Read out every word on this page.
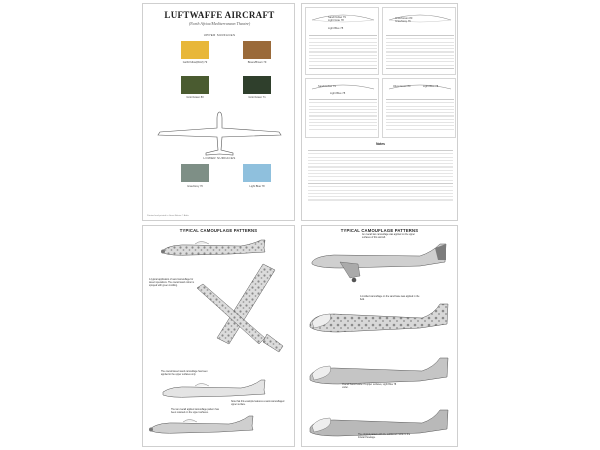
LUFTWAFFE AIRCRAFT
(North Africa/Mediterranean Theatre)
UPPER SURFACES
Gelb/Yellow(RLM) 79	Braun/Brown 79
Grün/Green 80	Grün/Green 71
LOWER SURFACES
Grau/Grey 76	Light Blue 78
Painted and printed in Great Britain © Airfix
Sand/Yellow 79
Light Grau 78
Light Blue 78
Grün/Green 80
Grau/Grey 76
Sand/Yellow 79
Light Blue 78
Olive Green 80	Light Blue 78
Notes
TYPICAL CAMOUFLAGE PATTERNS
A typical application of sand camouflage for desert operations. The overall sand colour is sprayed with green mottling.
The overall desert sand camouflage has been applied to the upper surfaces only.
Note that this example features a sand-camouflaged upper surface.
The tan overall applied camouflage pattern has been retained on the upper surfaces.
TYPICAL CAMOUFLAGE PATTERNS
An overall tan camouflage was applied on the upper surfaces of this aircraft.
A mottled camouflage on the sand base was applied in the field.
Overall Sand/Yellow 79 upper surfaces, Light Blue 78 under.
The original pattern with the additional mottle to the forward fuselage.
